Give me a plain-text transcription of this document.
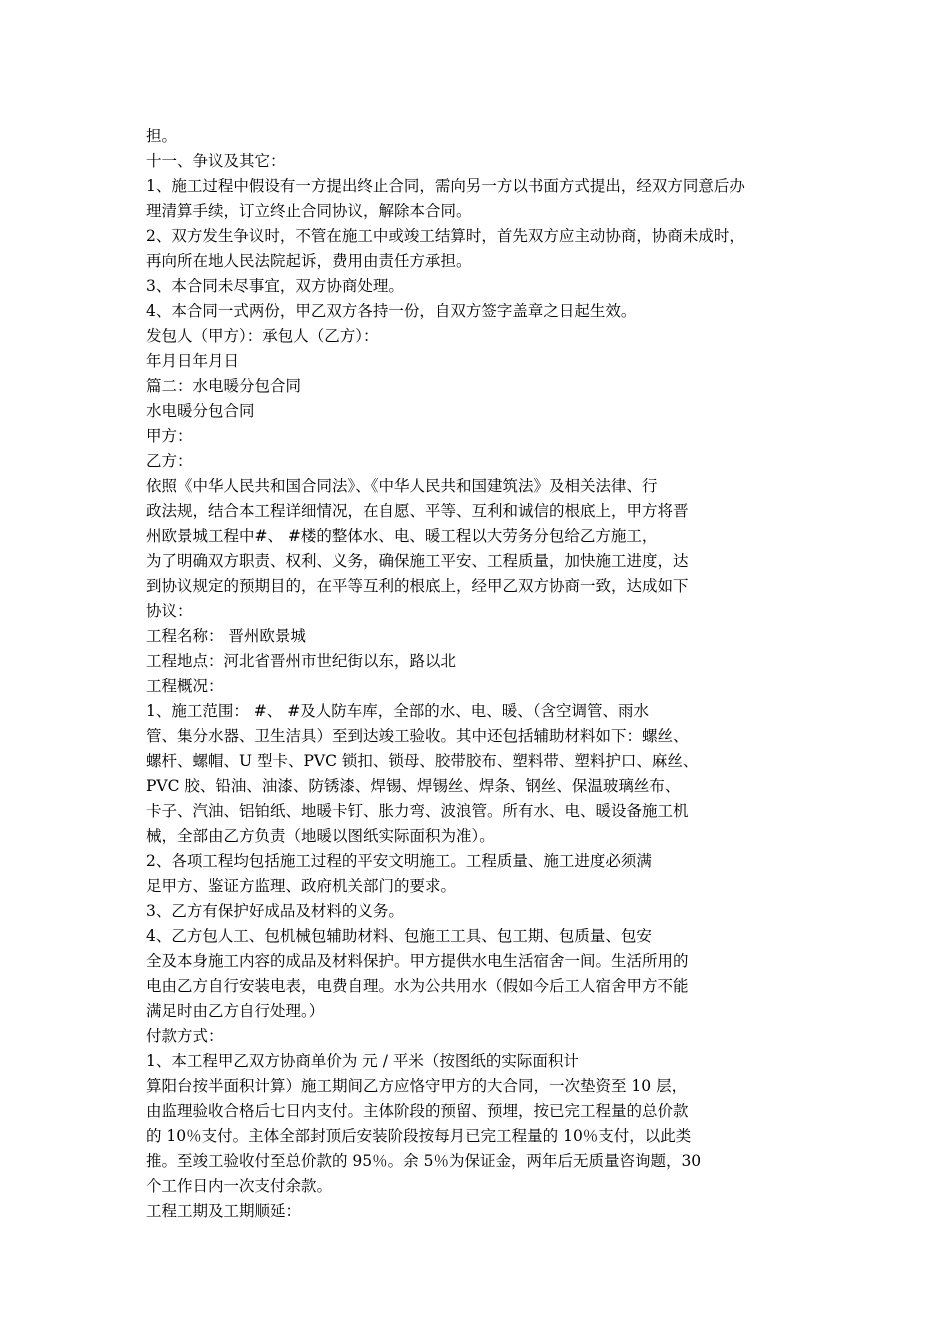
担。
十一、争议及其它：
1、施工过程中假设有一方提出终止合同，需向另一方以书面方式提出，经双方同意后办
理清算手续，订立终止合同协议，解除本合同。
2、双方发生争议时，不管在施工中或竣工结算时，首先双方应主动协商，协商未成时，
再向所在地人民法院起诉，费用由责任方承担。
3、本合同未尽事宜，双方协商处理。
4、本合同一式两份，甲乙双方各持一份，自双方签字盖章之日起生效。
发包人（甲方）：承包人（乙方）：
年月日年月日
篇二：水电暖分包合同
水电暖分包合同
甲方：
乙方：
依照《中华人民共和国合同法》、《中华人民共和国建筑法》及相关法律、行
政法规，结合本工程详细情况，在自愿、平等、互利和诚信的根底上，甲方将晋
州欧景城工程中#、 #楼的整体水、电、暖工程以大劳务分包给乙方施工，
为了明确双方职责、权利、义务，确保施工平安、工程质量，加快施工进度，达
到协议规定的预期目的，在平等互利的根底上，经甲乙双方协商一致，达成如下
协议：
工程名称： 晋州欧景城
工程地点：河北省晋州市世纪街以东，路以北
工程概况：
1、施工范围： #、 #及人防车库，全部的水、电、暖、（含空调管、雨水
管、集分水器、卫生洁具）至到达竣工验收。其中还包括辅助材料如下：螺丝、
螺杆、螺帽、U 型卡、PVC 锁扣、锁母、胶带胶布、塑料带、塑料护口、麻丝、
PVC 胶、铅油、油漆、防锈漆、焊锡、焊锡丝、焊条、钢丝、保温玻璃丝布、
卡子、汽油、铝铂纸、地暖卡钉、胀力弯、波浪管。所有水、电、暖设备施工机
械，全部由乙方负责（地暖以图纸实际面积为准）。
2、各项工程均包括施工过程的平安文明施工。工程质量、施工进度必须满
足甲方、鉴证方监理、政府机关部门的要求。
3、乙方有保护好成品及材料的义务。
4、乙方包人工、包机械包辅助材料、包施工工具、包工期、包质量、包安
全及本身施工内容的成品及材料保护。甲方提供水电生活宿舍一间。生活所用的
电由乙方自行安装电表，电费自理。水为公共用水（假如今后工人宿舍甲方不能
满足时由乙方自行处理。）
付款方式：
1、本工程甲乙双方协商单价为 元 / 平米（按图纸的实际面积计
算阳台按半面积计算）施工期间乙方应恪守甲方的大合同，一次垫资至 10 层，
由监理验收合格后七日内支付。主体阶段的预留、预埋，按已完工程量的总价款
的 10％支付。主体全部封顶后安装阶段按每月已完工程量的 10％支付，以此类
推。至竣工验收付至总价款的 95％。余 5％为保证金，两年后无质量咨询题，30
个工作日内一次支付余款。
工程工期及工期顺延：
